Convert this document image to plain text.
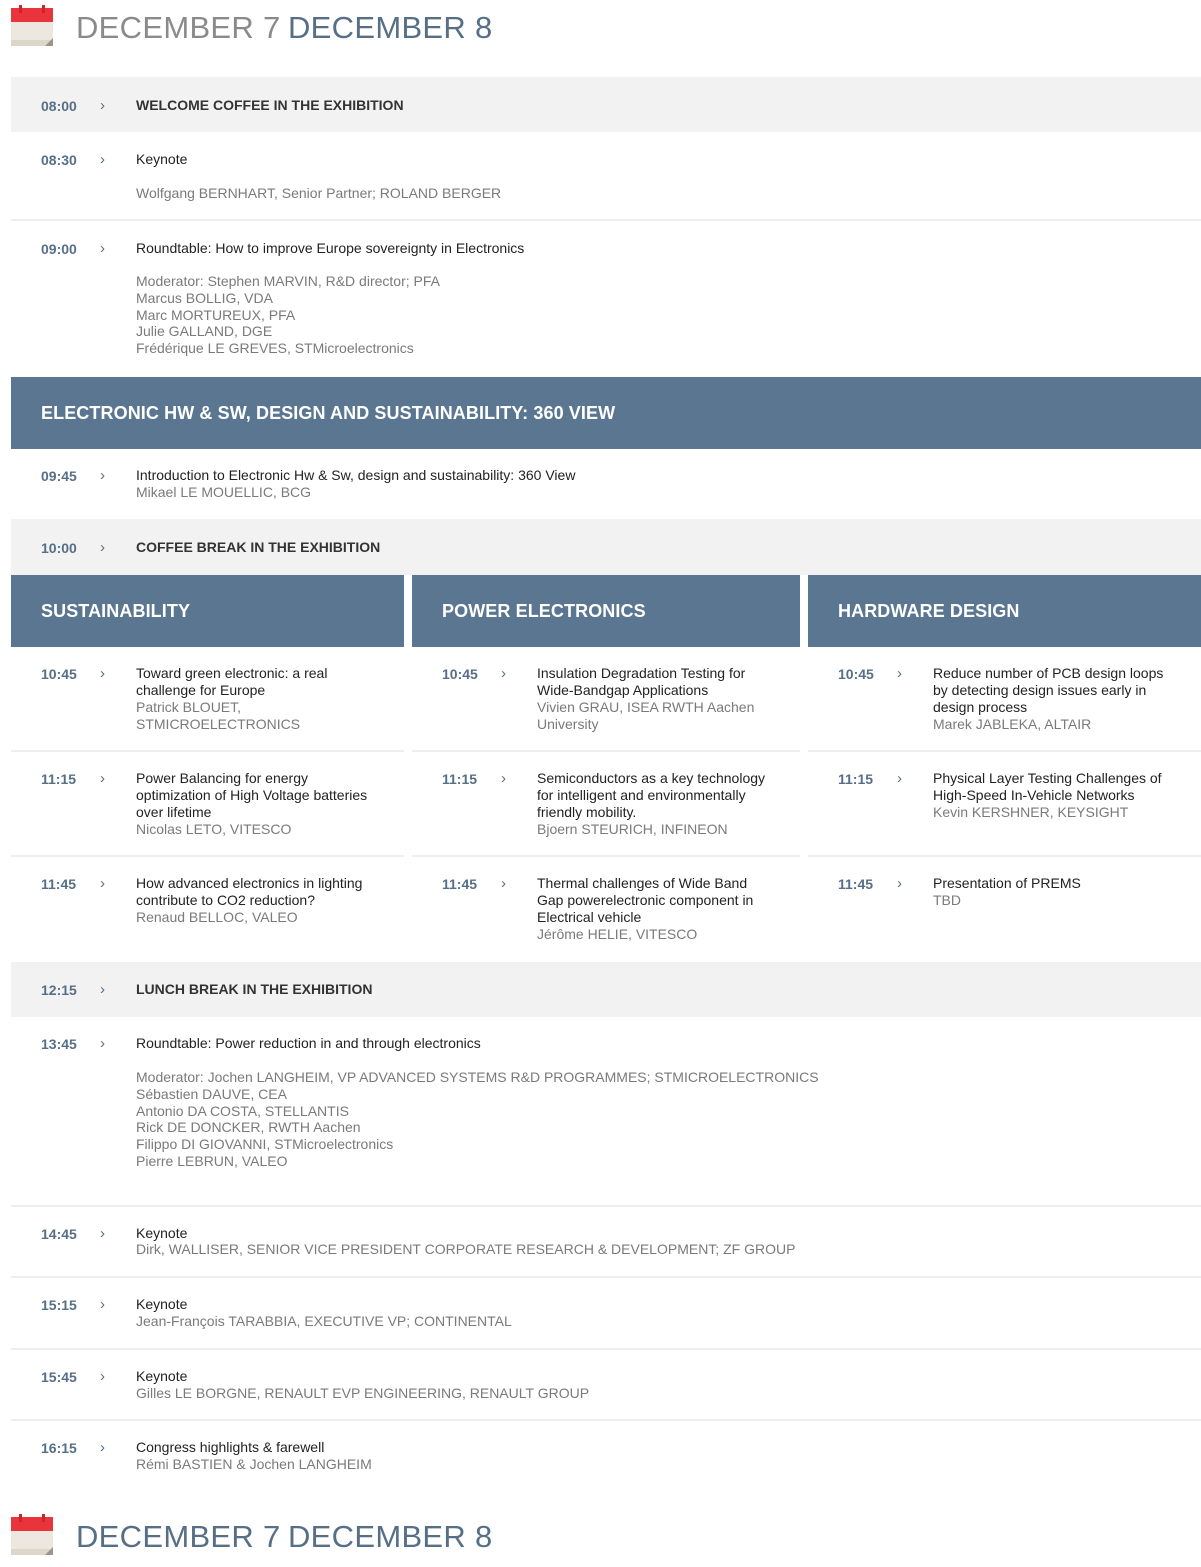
DECEMBER 7 DECEMBER 8
08:00 › WELCOME COFFEE IN THE EXHIBITION
08:30 › Keynote
Wolfgang BERNHART, Senior Partner; ROLAND BERGER
09:00 › Roundtable: How to improve Europe sovereignty in Electronics
Moderator: Stephen MARVIN, R&D director; PFA
Marcus BOLLIG, VDA
Marc MORTUREUX, PFA
Julie GALLAND, DGE
Frédérique LE GREVES, STMicroelectronics
ELECTRONIC HW & SW, DESIGN AND SUSTAINABILITY: 360 VIEW
09:45 › Introduction to Electronic Hw & Sw, design and sustainability: 360 View
Mikael LE MOUELLIC, BCG
10:00 › COFFEE BREAK IN THE EXHIBITION
SUSTAINABILITY	POWER ELECTRONICS	HARDWARE DESIGN
10:45 › Toward green electronic: a real
challenge for Europe
Patrick BLOUET,
STMICROELECTRONICS
11:15 › Power Balancing for energy
optimization of High Voltage batteries
over lifetime
Nicolas LETO, VITESCO
11:45 › How advanced electronics in lighting
contribute to CO2 reduction?
Renaud BELLOC, VALEO
10:45 › Insulation Degradation Testing for
Wide-Bandgap Applications
Vivien GRAU, ISEA RWTH Aachen
University
11:15 › Semiconductors as a key technology
for intelligent and environmentally
friendly mobility.
Bjoern STEURICH, INFINEON
11:45 › Thermal challenges of Wide Band
Gap powerelectronic component in
Electrical vehicle
Jérôme HELIE, VITESCO
10:45 › Reduce number of PCB design loops
by detecting design issues early in
design process
Marek JABLEKA, ALTAIR
11:15 › Physical Layer Testing Challenges of
High-Speed In-Vehicle Networks
Kevin KERSHNER, KEYSIGHT
11:45 › Presentation of PREMS
TBD
12:15 › LUNCH BREAK IN THE EXHIBITION
13:45 › Roundtable: Power reduction in and through electronics
Moderator: Jochen LANGHEIM, VP ADVANCED SYSTEMS R&D PROGRAMMES; STMICROELECTRONICS
Sébastien DAUVE, CEA
Antonio DA COSTA, STELLANTIS
Rick DE DONCKER, RWTH Aachen
Filippo DI GIOVANNI, STMicroelectronics
Pierre LEBRUN, VALEO
14:45 › Keynote
Dirk, WALLISER, SENIOR VICE PRESIDENT CORPORATE RESEARCH & DEVELOPMENT; ZF GROUP
15:15 › Keynote
Jean-François TARABBIA, EXECUTIVE VP; CONTINENTAL
15:45 › Keynote
Gilles LE BORGNE, RENAULT EVP ENGINEERING, RENAULT GROUP
16:15 › Congress highlights & farewell
Rémi BASTIEN & Jochen LANGHEIM
DECEMBER 7 DECEMBER 8
